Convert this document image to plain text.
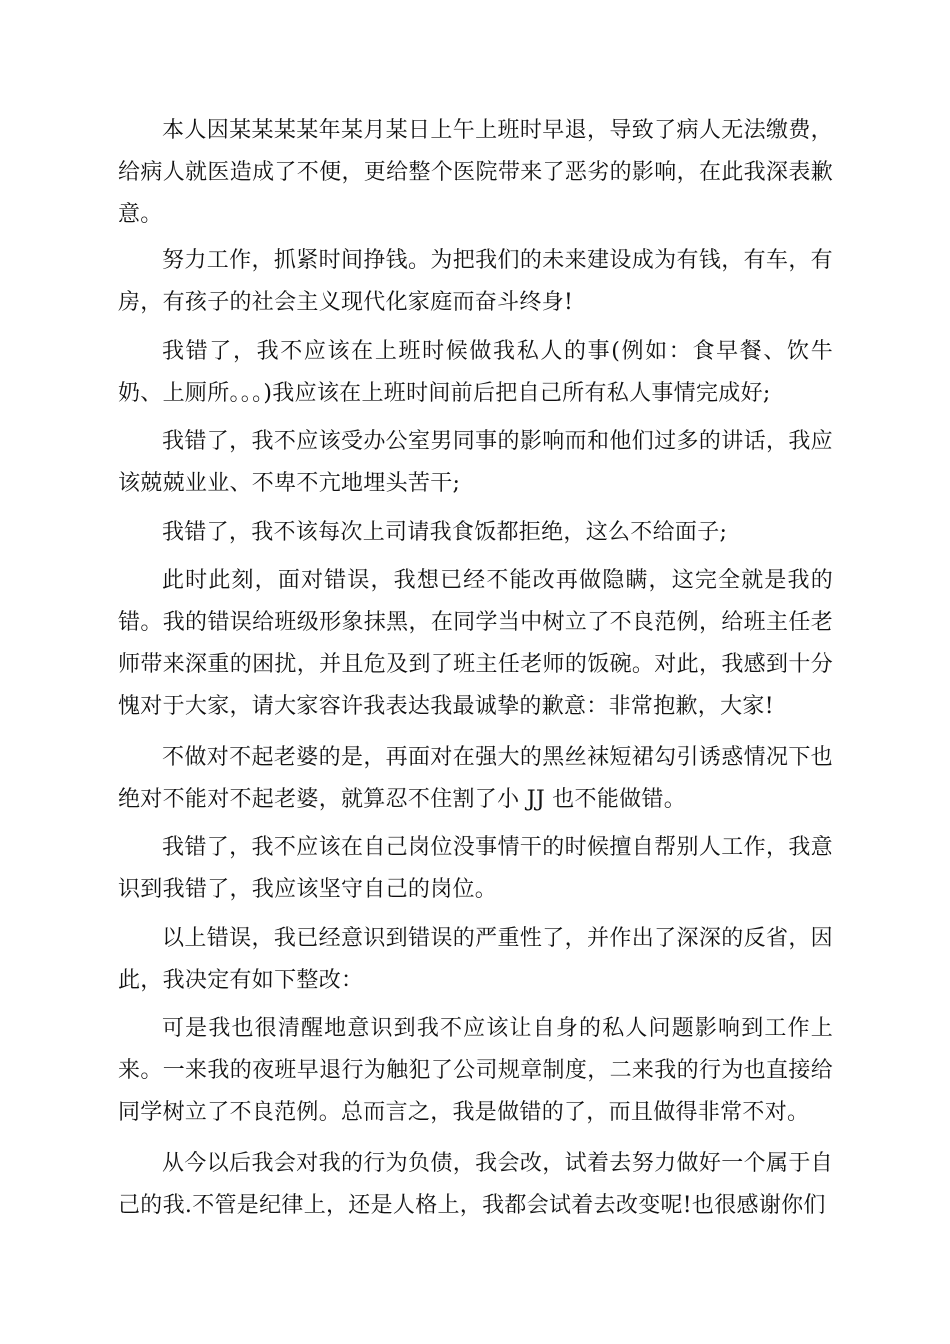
本人因某某某某年某月某日上午上班时早退，导致了病人无法缴费，给病人就医造成了不便，更给整个医院带来了恶劣的影响，在此我深表歉意。

努力工作，抓紧时间挣钱。为把我们的未来建设成为有钱，有车，有房，有孩子的社会主义现代化家庭而奋斗终身!

我错了，我不应该在上班时候做我私人的事(例如：食早餐、饮牛奶、上厕所。。。)我应该在上班时间前后把自己所有私人事情完成好;

我错了，我不应该受办公室男同事的影响而和他们过多的讲话，我应该兢兢业业、不卑不亢地埋头苦干;

我错了，我不该每次上司请我食饭都拒绝，这么不给面子;

此时此刻，面对错误，我想已经不能改再做隐瞒，这完全就是我的错。我的错误给班级形象抹黑，在同学当中树立了不良范例，给班主任老师带来深重的困扰，并且危及到了班主任老师的饭碗。对此，我感到十分愧对于大家，请大家容许我表达我最诚挚的歉意：非常抱歉，大家!

不做对不起老婆的是，再面对在强大的黑丝袜短裙勾引诱惑情况下也绝对不能对不起老婆，就算忍不住割了小 JJ 也不能做错。

我错了，我不应该在自己岗位没事情干的时候擅自帮别人工作，我意识到我错了，我应该坚守自己的岗位。

以上错误，我已经意识到错误的严重性了，并作出了深深的反省，因此，我决定有如下整改：

可是我也很清醒地意识到我不应该让自身的私人问题影响到工作上来。一来我的夜班早退行为触犯了公司规章制度，二来我的行为也直接给同学树立了不良范例。总而言之，我是做错的了，而且做得非常不对。

从今以后我会对我的行为负债，我会改，试着去努力做好一个属于自己的我.不管是纪律上，还是人格上，我都会试着去改变呢!也很感谢你们
